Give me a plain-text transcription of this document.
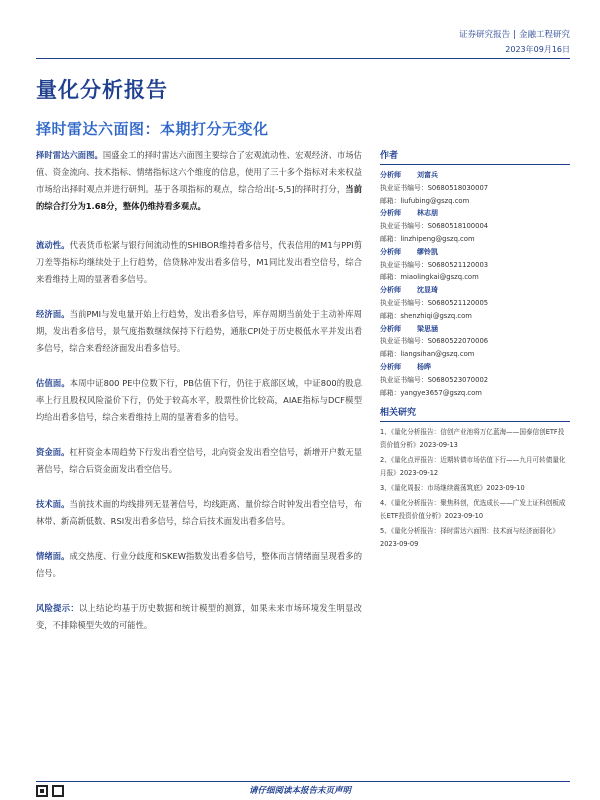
证券研究报告 | 金融工程研究
2023年09月16日
量化分析报告
择时雷达六面图：本期打分无变化
择时雷达六面图。国盛金工的择时雷达六面图主要综合了宏观流动性、宏观经济、市场估值、资金流向、技术指标、情绪指标这六个维度的信息，使用了三十多个指标对未来权益市场给出择时观点并进行研判。基于各项指标的观点，综合给出[-5,5]的择时打分，当前的综合打分为1.68分，整体仍维持看多观点。
流动性。代表货币松紧与银行间流动性的SHIBOR维持看多信号，代表信用的M1与PPI剪刀差等指标均继续处于上行趋势，信贷脉冲发出看多信号，M1同比发出看空信号，综合来看维持上周的显著看多信号。
经济面。当前PMI与发电量开始上行趋势，发出看多信号，库存周期当前处于主动补库周期，发出看多信号，景气度指数继续保持下行趋势，通胀CPI处于历史极低水平并发出看多信号，综合来看经济面发出看多信号。
估值面。本周中证800 PE中位数下行，PB估值下行，仍往于底部区域，中证800的股息率上行且股权风险溢价下行，仍处于较高水平，股票性价比较高，AIAE指标与DCF模型均给出看多信号，综合来看维持上周的显著看多的信号。
资金面。杠杆资金本周趋势下行发出看空信号，北向资金发出看空信号，新增开户数无显著信号，综合后资金面发出看空信号。
技术面。当前技术面的均线排列无显著信号，均线距离、量价综合时钟发出看空信号，布林带、新高新低数、RSI发出看多信号，综合后技术面发出看多信号。
情绪面。成交热度、行业分歧度和SKEW指数发出看多信号，整体而言情绪面呈现看多的信号。
风险提示：以上结论均基于历史数据和统计模型的测算，如果未来市场环境发生明显改变，不排除模型失效的可能性。
作者
分析师 刘富兵
执业证书编号：S0680518030007
邮箱：liufubing@gszq.com
分析师 林志朋
执业证书编号：S0680518100004
邮箱：linzhipeng@gszq.com
分析师 缪铃凯
执业证书编号：S0680521120003
邮箱：miaolingkai@gszq.com
分析师 沈显琦
执业证书编号：S0680521120005
邮箱：shenzhiqi@gszq.com
分析师 梁思涵
执业证书编号：S0680522070006
邮箱：liangsihan@gszq.com
分析师 杨晔
执业证书编号：S0680523070002
邮箱：yangye3657@gszq.com
相关研究
1、《量化分析报告：信创产业池将万亿蓝海——国泰信创ETF投资价值分析》2023-09-13
2、《量化点评报告：近期转债市场估值下行——九月可转债量化月报》2023-09-12
3、《量化周报：市场继续震荡筑底》2023-09-10
4、《量化分析报告：聚焦科创，优选成长——广发上证科创板成长ETF投资价值分析》2023-09-10
5、《量化分析报告：择时雷达六面图：技术面与经济面弱化》2023-09-09
请仔细阅读本报告末页声明
